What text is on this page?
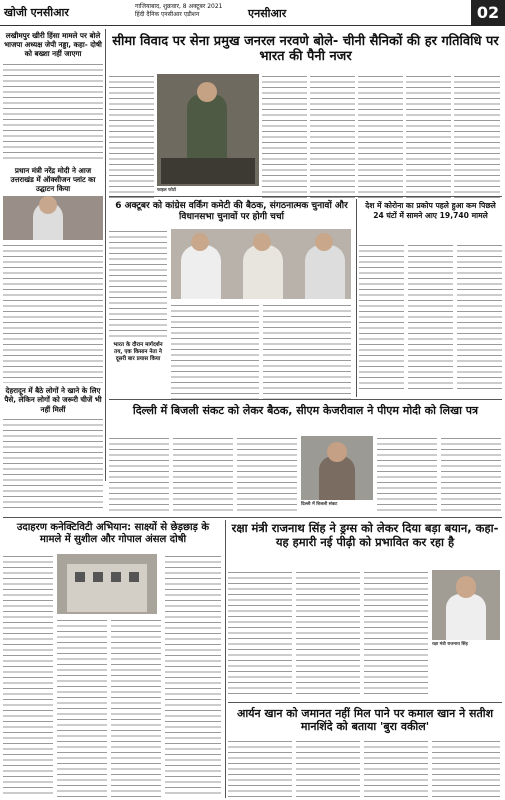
खोजी एनसीआर	गाजियाबाद, शुक्रवार, 8 अक्टूबर 2021
हिंदी दैनिक एनसीआर एडीशन	एनसीआर	02
लखीमपुर खीरी हिंसा मामले पर बोले भाजपा अध्यक्ष जेपी नड्डा, कहा- दोषी को बख्शा नहीं जाएगा
प्रधान मंत्री नरेंद्र मोदी ने आज उत्तराखंड में ऑक्सीजन प्लांट का उद्घाटन किया
देहरादून में बैठे लोगों ने खाने के लिए पैसे, लेकिन लोगों को जरूरी चीजें भी नहीं मिलीं
सीमा विवाद पर सेना प्रमुख जनरल नरवणे बोले- चीनी सैनिकों की हर गतिविधि पर भारत की पैनी नजर
फाइल फोटो
6 अक्टूबर को कांग्रेस वर्किंग कमेटी की बैठक, संगठनात्मक चुनावों और विधानसभा चुनावों पर होगी चर्चा
भारत के दौरान मार्गदर्शन तय, एक किसान नेता ने दूसरी बार प्रयास किया
देश में कोरोना का प्रकोप पहले हुआ कम पिछले 24 घंटों में सामने आए 19,740 मामले
दिल्ली में बिजली संकट को लेकर बैठक, सीएम केजरीवाल ने पीएम मोदी को लिखा पत्र
दिल्ली में बिजली संकट
उदाहरण कनेक्टिविटी अभियान: साक्ष्यों से छेड़छाड़ के मामले में सुशील और गोपाल अंसल दोषी
रक्षा मंत्री राजनाथ सिंह ने ड्रग्स को लेकर दिया बड़ा बयान, कहा- यह हमारी नई पीढ़ी को प्रभावित कर रहा है
रक्षा मंत्री राजनाथ सिंह
आर्यन खान को जमानत नहीं मिल पाने पर कमाल खान ने सतीश मानशिंदे को बताया 'बुरा वकील'
